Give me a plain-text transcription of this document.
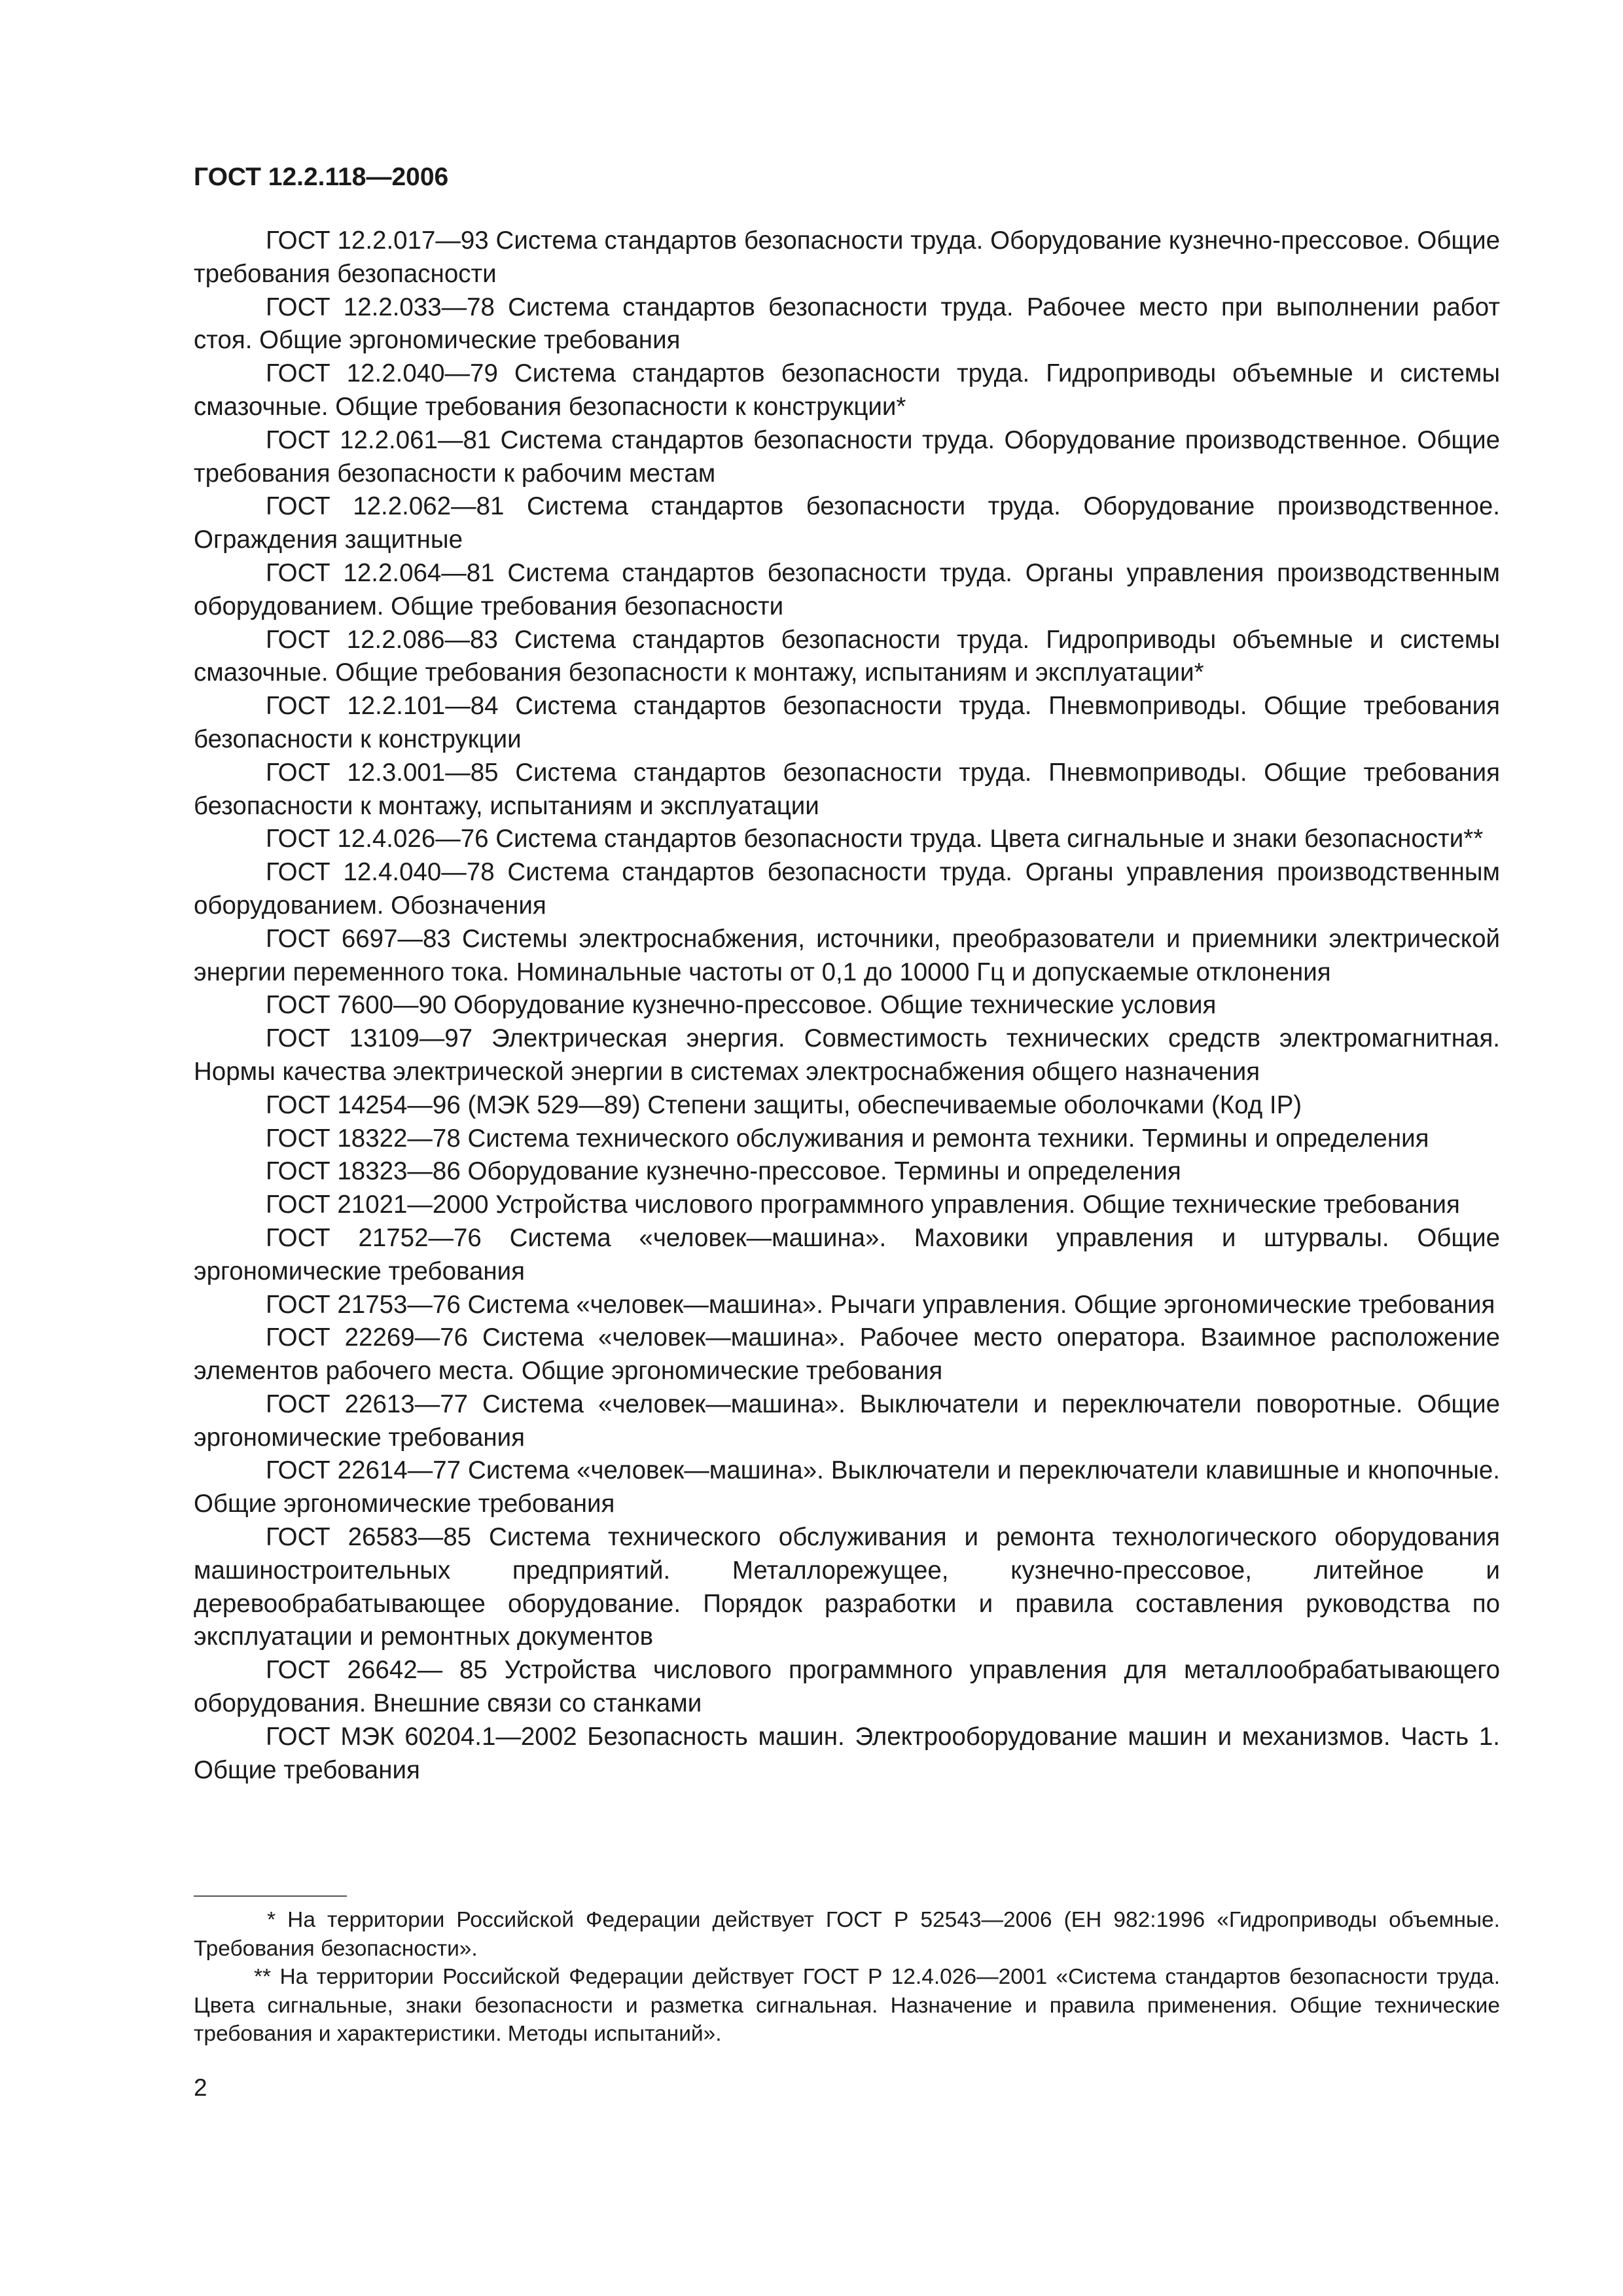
ГОСТ 12.2.118—2006
ГОСТ 12.2.017—93 Система стандартов безопасности труда. Оборудование кузнечно-прессовое. Общие требования безопасности
ГОСТ 12.2.033—78 Система стандартов безопасности труда. Рабочее место при выполнении работ стоя. Общие эргономические требования
ГОСТ 12.2.040—79 Система стандартов безопасности труда. Гидроприводы объемные и системы смазочные. Общие требования безопасности к конструкции*
ГОСТ 12.2.061—81 Система стандартов безопасности труда. Оборудование производственное. Общие требования безопасности к рабочим местам
ГОСТ 12.2.062—81 Система стандартов безопасности труда. Оборудование производственное. Ограждения защитные
ГОСТ 12.2.064—81 Система стандартов безопасности труда. Органы управления производственным оборудованием. Общие требования безопасности
ГОСТ 12.2.086—83 Система стандартов безопасности труда. Гидроприводы объемные и системы смазочные. Общие требования безопасности к монтажу, испытаниям и эксплуатации*
ГОСТ 12.2.101—84 Система стандартов безопасности труда. Пневмоприводы. Общие требования безопасности к конструкции
ГОСТ 12.3.001—85 Система стандартов безопасности труда. Пневмоприводы. Общие требования безопасности к монтажу, испытаниям и эксплуатации
ГОСТ 12.4.026—76 Система стандартов безопасности труда. Цвета сигнальные и знаки безопасности**
ГОСТ 12.4.040—78 Система стандартов безопасности труда. Органы управления производственным оборудованием. Обозначения
ГОСТ 6697—83 Системы электроснабжения, источники, преобразователи и приемники электрической энергии переменного тока. Номинальные частоты от 0,1 до 10000 Гц и допускаемые отклонения
ГОСТ 7600—90 Оборудование кузнечно-прессовое. Общие технические условия
ГОСТ 13109—97 Электрическая энергия. Совместимость технических средств электромагнитная. Нормы качества электрической энергии в системах электроснабжения общего назначения
ГОСТ 14254—96 (МЭК 529—89) Степени защиты, обеспечиваемые оболочками (Код IP)
ГОСТ 18322—78 Система технического обслуживания и ремонта техники. Термины и определения
ГОСТ 18323—86 Оборудование кузнечно-прессовое. Термины и определения
ГОСТ 21021—2000 Устройства числового программного управления. Общие технические требования
ГОСТ 21752—76 Система «человек—машина». Маховики управления и штурвалы. Общие эргономические требования
ГОСТ 21753—76 Система «человек—машина». Рычаги управления. Общие эргономические требования
ГОСТ 22269—76 Система «человек—машина». Рабочее место оператора. Взаимное расположение элементов рабочего места. Общие эргономические требования
ГОСТ 22613—77 Система «человек—машина». Выключатели и переключатели поворотные. Общие эргономические требования
ГОСТ 22614—77 Система «человек—машина». Выключатели и переключатели клавишные и кнопочные. Общие эргономические требования
ГОСТ 26583—85 Система технического обслуживания и ремонта технологического оборудования машиностроительных предприятий. Металлорежущее, кузнечно-прессовое, литейное и деревообрабатывающее оборудование. Порядок разработки и правила составления руководства по эксплуатации и ремонтных документов
ГОСТ 26642— 85 Устройства числового программного управления для металлообрабатывающего оборудования. Внешние связи со станками
ГОСТ МЭК 60204.1—2002 Безопасность машин. Электрооборудование машин и механизмов. Часть 1. Общие требования

* На территории Российской Федерации действует ГОСТ Р 52543—2006 (ЕН 982:1996 «Гидроприводы объемные. Требования безопасности».

** На территории Российской Федерации действует ГОСТ Р 12.4.026—2001 «Система стандартов безопасности труда. Цвета сигнальные, знаки безопасности и разметка сигнальная. Назначение и правила применения. Общие технические требования и характеристики. Методы испытаний».

2
